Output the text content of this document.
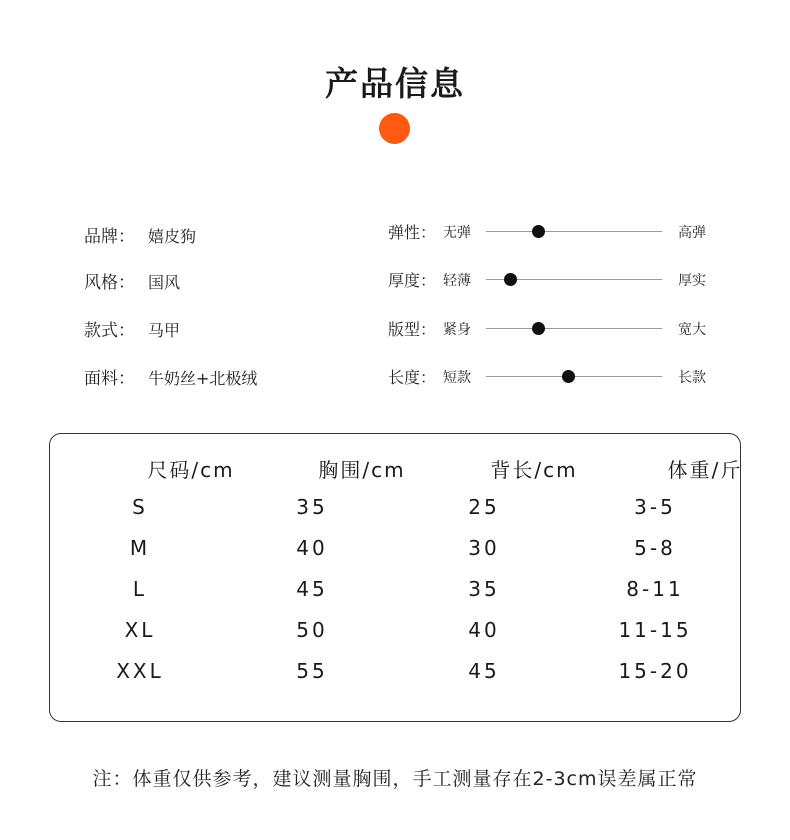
产品信息
品牌： 嬉皮狗
风格： 国风
款式： 马甲
面料： 牛奶丝+北极绒
弹性： 无弹	高弹
厚度： 轻薄	厚实
版型： 紧身	宽大
长度： 短款	长款
尺码/cm	胸围/cm	背长/cm	体重/斤
S	35	25	3-5
M	40	30	5-8
L	45	35	8-11
XL	50	40	11-15
XXL	55	45	15-20
注：体重仅供参考，建议测量胸围，手工测量存在2-3cm误差属正常
